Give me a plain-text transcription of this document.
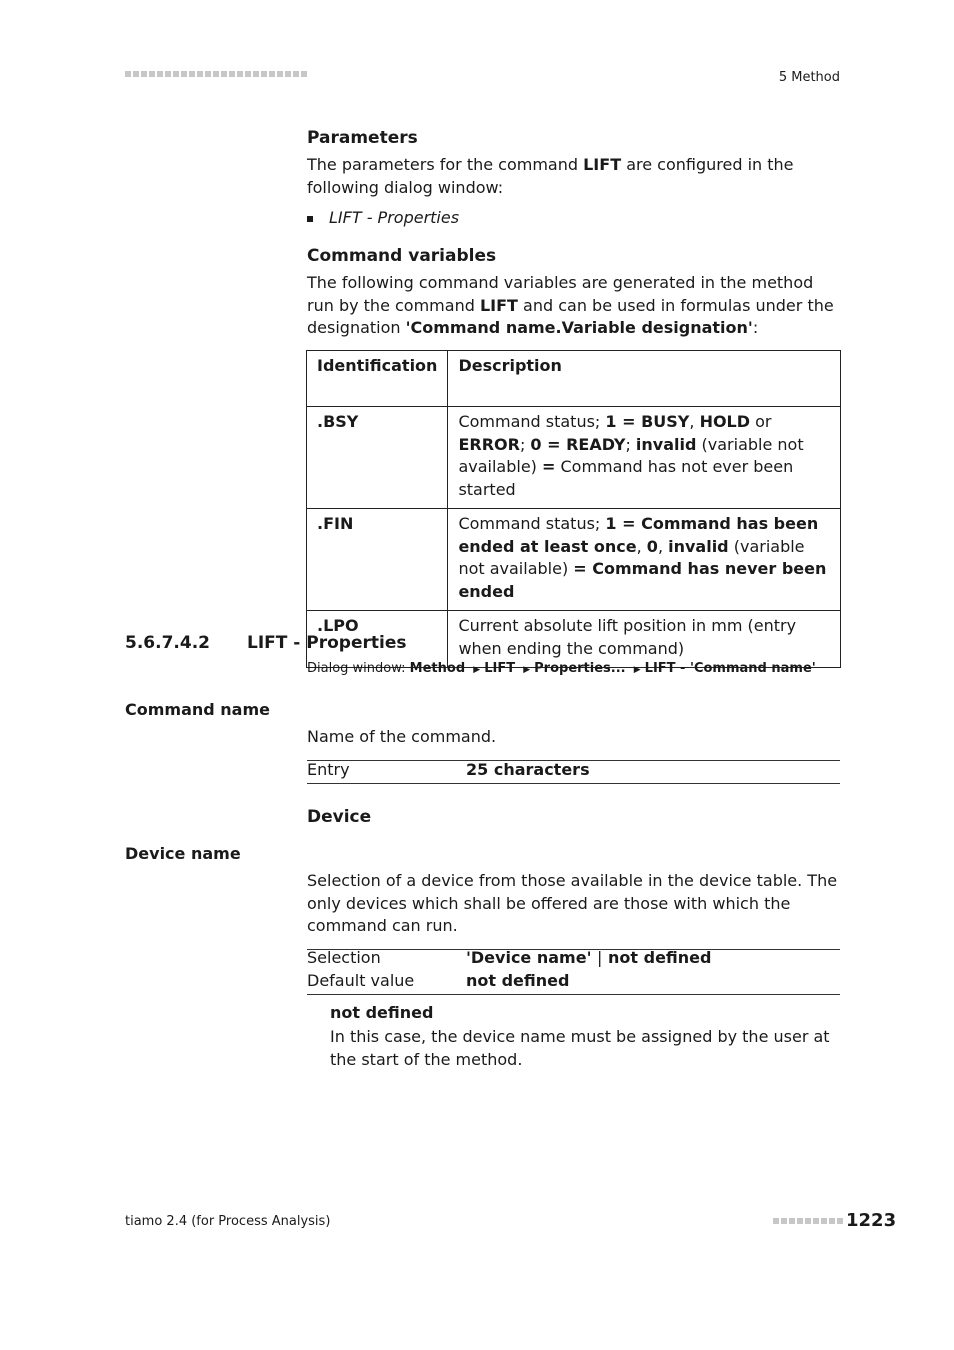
5 Method
Parameters
The parameters for the command LIFT are configured in the following dialog window:
LIFT - Properties
Command variables
The following command variables are generated in the method run by the command LIFT and can be used in formulas under the designation 'Command name.Variable designation':
Identification	Description
.BSY	Command status; 1 = BUSY, HOLD or ERROR; 0 = READY; invalid (variable not available) = Command has not ever been started
.FIN	Command status; 1 = Command has been ended at least once, 0, invalid (variable not available) = Command has never been ended
.LPO	Current absolute lift position in mm (entry when ending the command)
5.6.7.4.2 LIFT - Properties
Dialog window: Method ▶ LIFT ▶ Properties... ▶ LIFT - 'Command name'
Command name
Name of the command.
Entry	25 characters
Device
Device name
Selection of a device from those available in the device table. The only devices which shall be offered are those with which the command can run.
Selection	'Device name' | not defined
Default value	not defined
not defined
In this case, the device name must be assigned by the user at the start of the method.
tiamo 2.4 (for Process Analysis)	1223
